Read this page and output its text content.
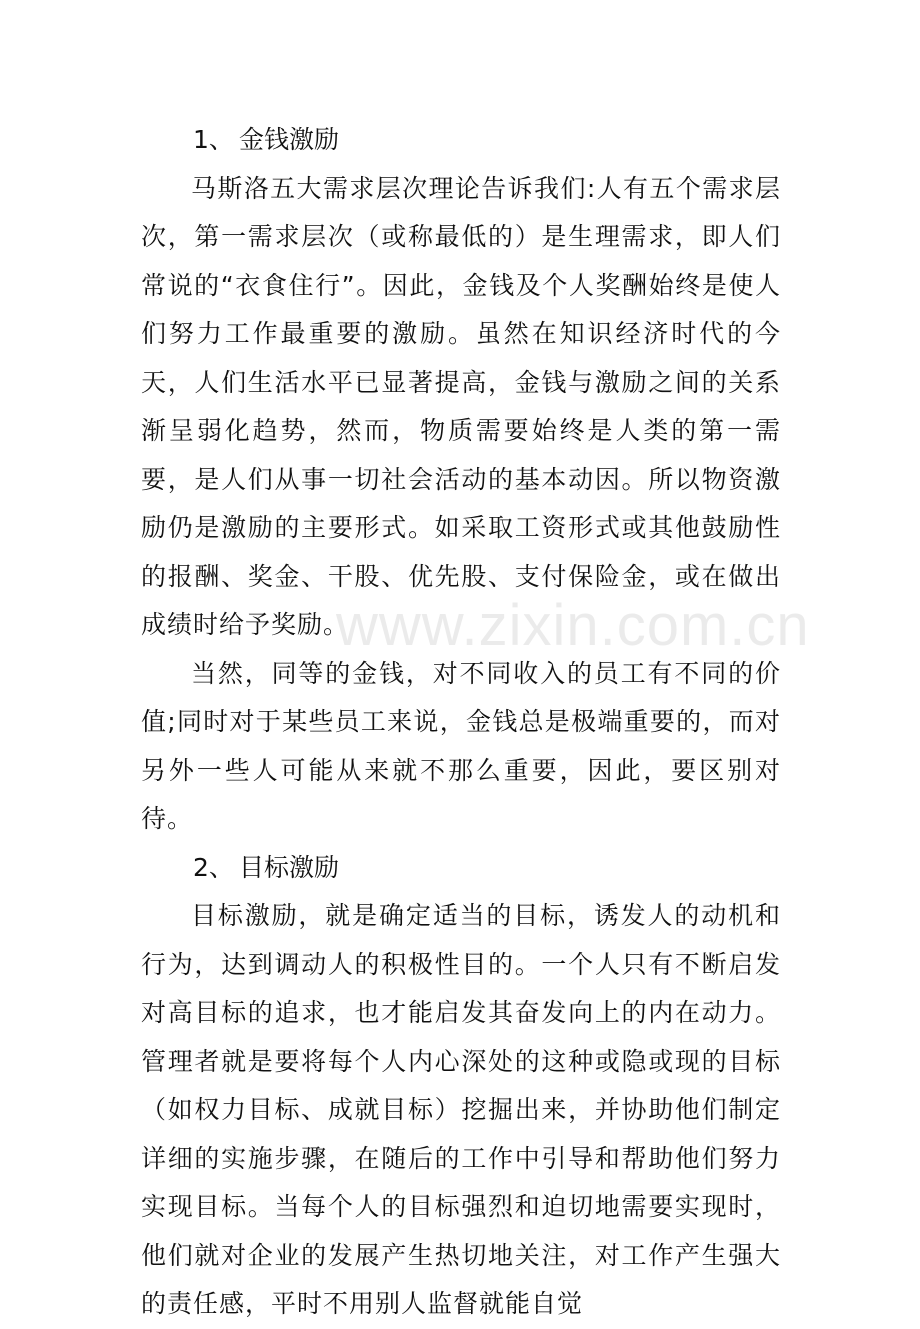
1、 金钱激励

马斯洛五大需求层次理论告诉我们:人有五个需求层次，第一需求层次（或称最低的）是生理需求，即人们常说的“衣食住行”。因此，金钱及个人奖酬始终是使人们努力工作最重要的激励。虽然在知识经济时代的今天，人们生活水平已显著提高，金钱与激励之间的关系渐呈弱化趋势，然而，物质需要始终是人类的第一需要，是人们从事一切社会活动的基本动因。所以物资激励仍是激励的主要形式。如采取工资形式或其他鼓励性的报酬、奖金、干股、优先股、支付保险金，或在做出成绩时给予奖励。

当然，同等的金钱，对不同收入的员工有不同的价值;同时对于某些员工来说，金钱总是极端重要的，而对另外一些人可能从来就不那么重要，因此，要区别对待。

2、 目标激励

目标激励，就是确定适当的目标，诱发人的动机和行为，达到调动人的积极性目的。一个人只有不断启发对高目标的追求，也才能启发其奋发向上的内在动力。管理者就是要将每个人内心深处的这种或隐或现的目标（如权力目标、成就目标）挖掘出来，并协助他们制定详细的实施步骤，在随后的工作中引导和帮助他们努力实现目标。当每个人的目标强烈和迫切地需要实现时，他们就对企业的发展产生热切地关注，对工作产生强大的责任感，平时不用别人监督就能自觉

www.zixin.com.cn
